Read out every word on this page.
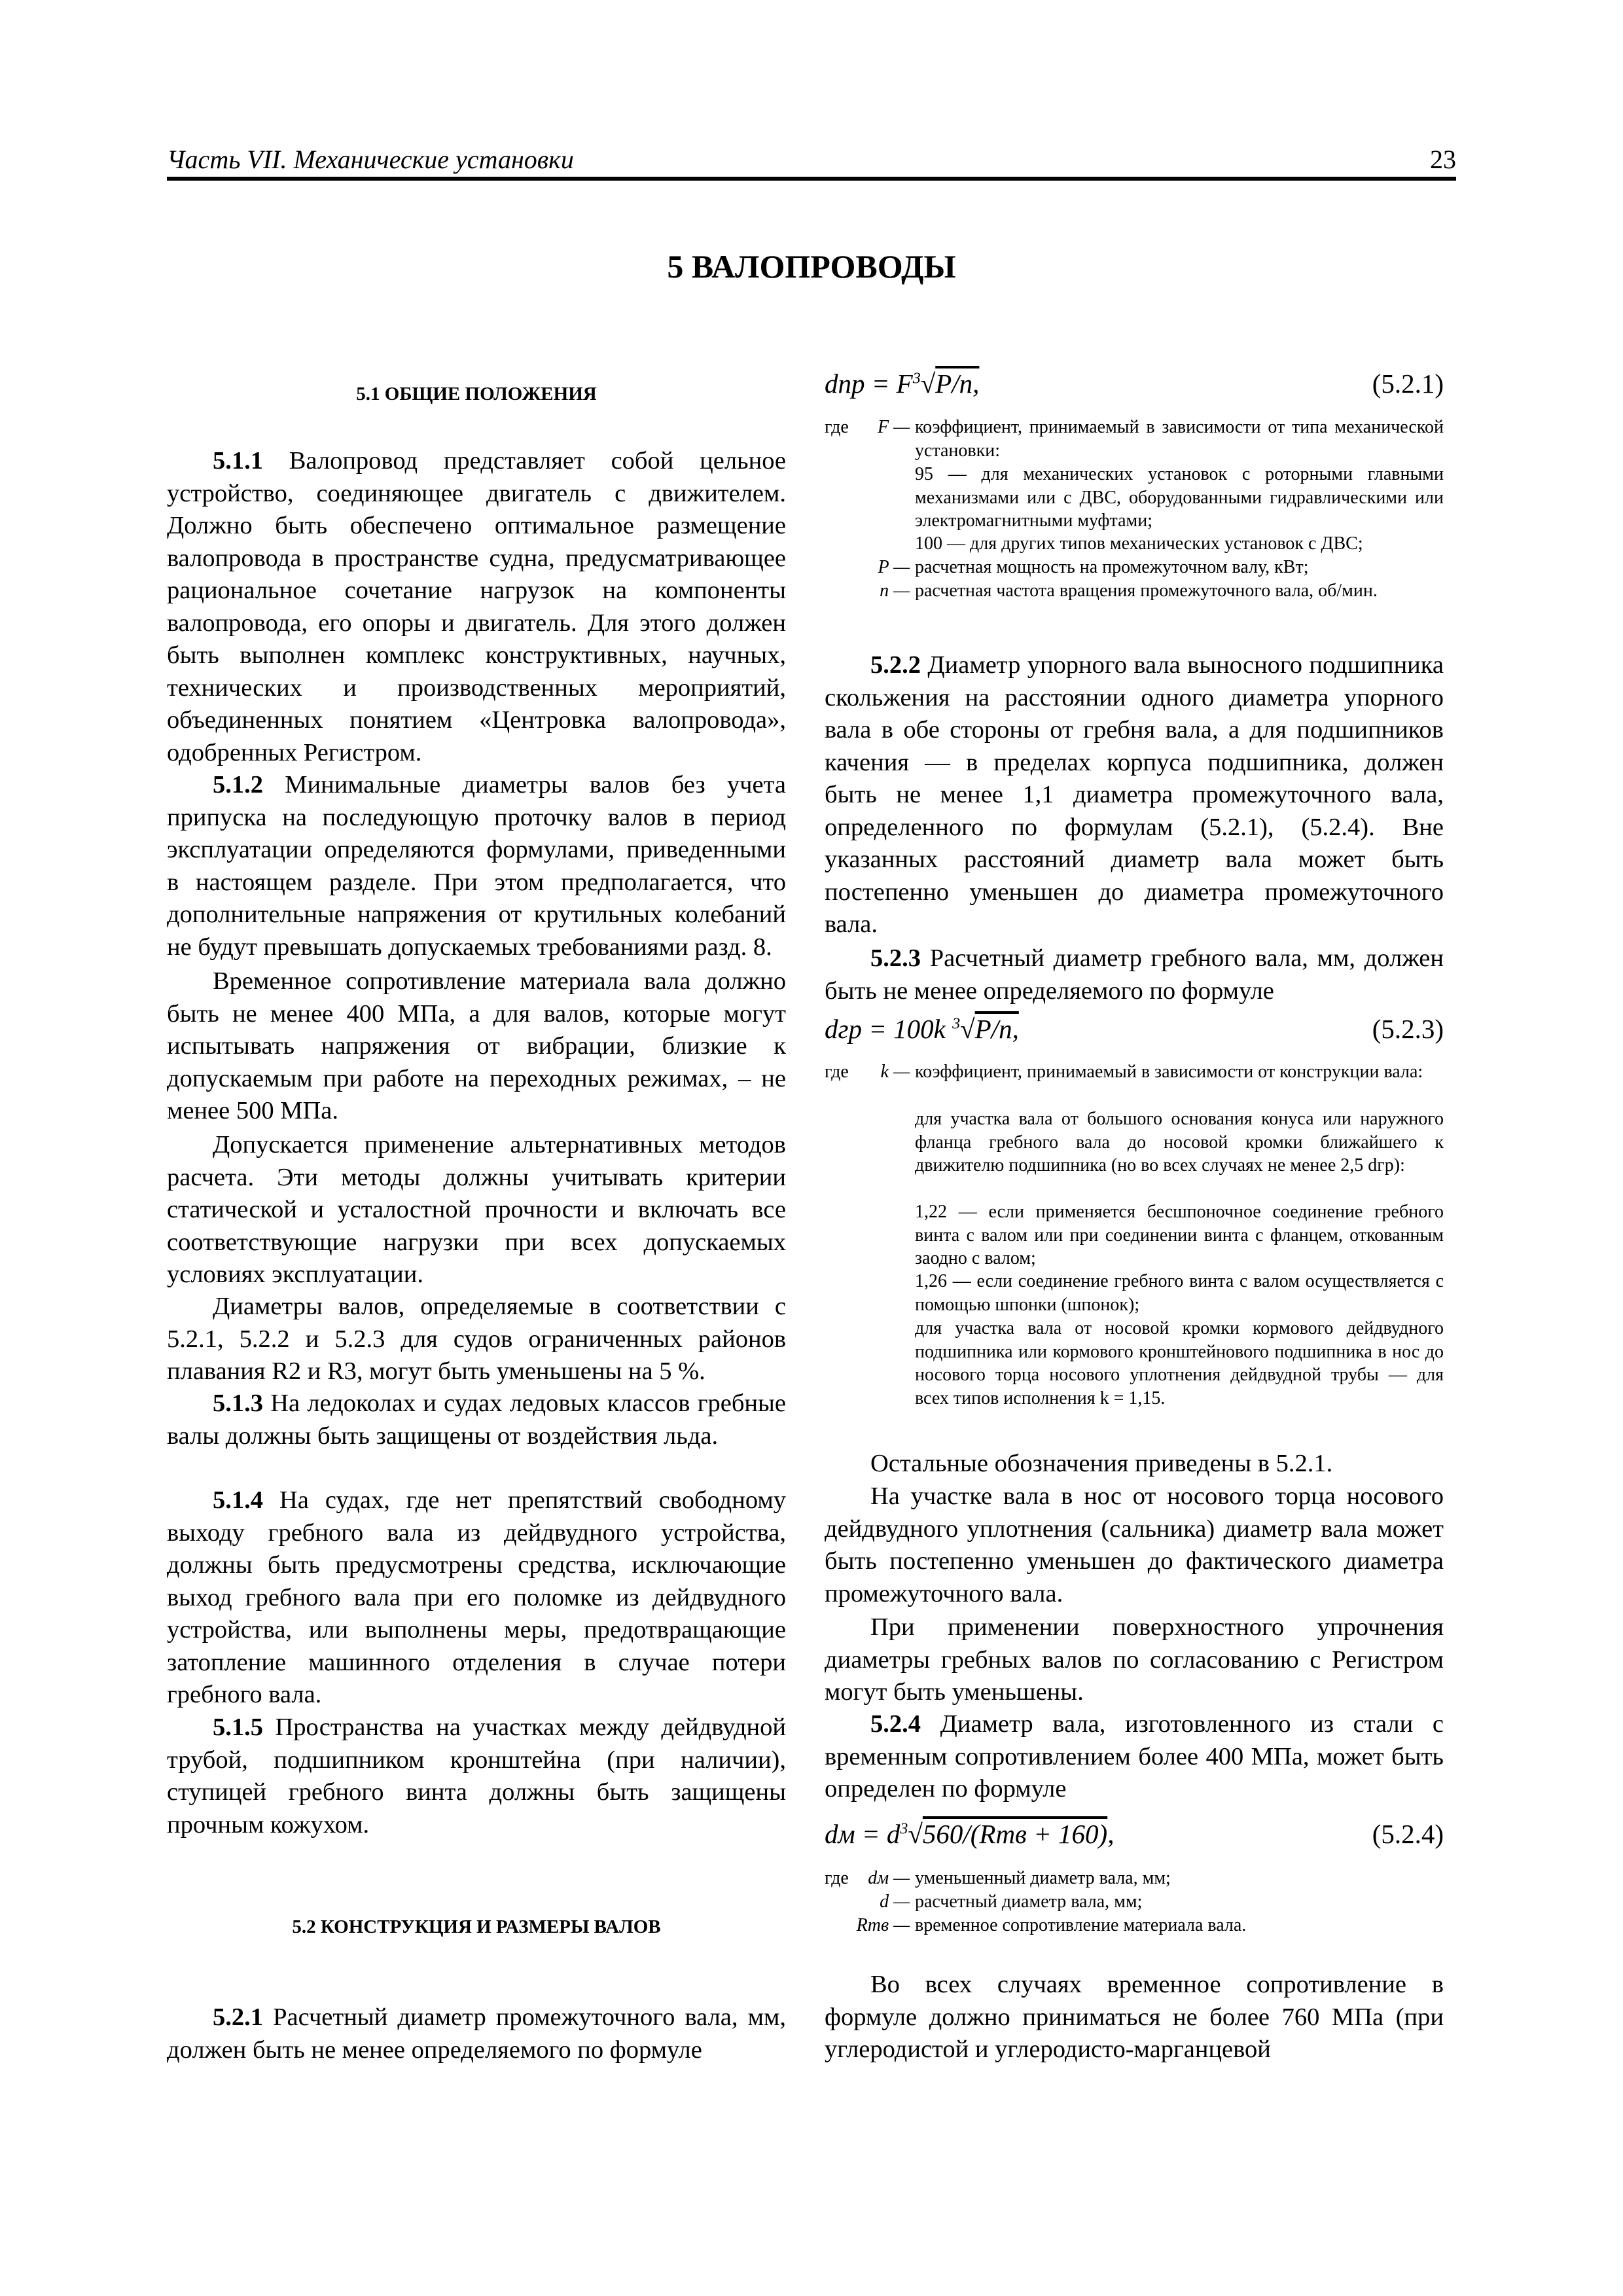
Часть VII. Механические установки	23
5 ВАЛОПРОВОДЫ
5.1 ОБЩИЕ ПОЛОЖЕНИЯ

5.1.1 Валопровод представляет собой цельное устройство, соединяющее двигатель с движителем. Должно быть обеспечено оптимальное размещение валопровода в пространстве судна, предусматривающее рациональное сочетание нагрузок на компоненты валопровода, его опоры и двигатель. Для этого должен быть выполнен комплекс конструктивных, научных, технических и производственных мероприятий, объединенных понятием «Центровка валопровода», одобренных Регистром.

5.1.2 Минимальные диаметры валов без учета припуска на последующую проточку валов в период эксплуатации определяются формулами, приведенными в настоящем разделе. При этом предполагается, что дополнительные напряжения от крутильных колебаний не будут превышать допускаемых требованиями разд. 8.

Временное сопротивление материала вала должно быть не менее 400 МПа, а для валов, которые могут испытывать напряжения от вибрации, близкие к допускаемым при работе на переходных режимах, – не менее 500 МПа.

Допускается применение альтернативных методов расчета. Эти методы должны учитывать критерии статической и усталостной прочности и включать все соответствующие нагрузки при всех допускаемых условиях эксплуатации.

Диаметры валов, определяемые в соответствии с 5.2.1, 5.2.2 и 5.2.3 для судов ограниченных районов плавания R2 и R3, могут быть уменьшены на 5 %.

5.1.3 На ледоколах и судах ледовых классов гребные валы должны быть защищены от воздействия льда.

5.1.4 На судах, где нет препятствий свободному выходу гребного вала из дейдвудного устройства, должны быть предусмотрены средства, исключающие выход гребного вала при его поломке из дейдвудного устройства, или выполнены меры, предотвращающие затопление машинного отделения в случае потери гребного вала.

5.1.5 Пространства на участках между дейдвудной трубой, подшипником кронштейна (при наличии), ступицей гребного винта должны быть защищены прочным кожухом.

5.2 КОНСТРУКЦИЯ И РАЗМЕРЫ ВАЛОВ

5.2.1 Расчетный диаметр промежуточного вала, мм, должен быть не менее определяемого по формуле

dпр = $F^3√P/n$,	(5.2.1)
где	F — коэффициент, принимаемый в зависимости от типа механической установки:
95 — для механических установок с роторными главными механизмами или с ДВС, оборудованными гидравлическими или электромагнитными муфтами;
100 — для других типов механических установок с ДВС;
P — расчетная мощность на промежуточном валу, кВт;
n — расчетная частота вращения промежуточного вала, об/мин.

5.2.2 Диаметр упорного вала выносного подшипника скольжения на расстоянии одного диаметра упорного вала в обе стороны от гребня вала, а для подшипников качения — в пределах корпуса подшипника, должен быть не менее 1,1 диаметра промежуточного вала, определенного по формулам (5.2.1), (5.2.4). Вне указанных расстояний диаметр вала может быть постепенно уменьшен до диаметра промежуточного вала.

5.2.3 Расчетный диаметр гребного вала, мм, должен быть не менее определяемого по формуле

dгр = 100k $^3$√P/n,	(5.2.3)
где	k — коэффициент, принимаемый в зависимости от конструкции вала:
для участка вала от большого основания конуса или наружного фланца гребного вала до носовой кромки ближайшего к движителю подшипника (но во всех случаях не менее 2,5 dгр):
1,22 — если применяется бесшпоночное соединение гребного винта с валом или при соединении винта с фланцем, откованным заодно с валом;
1,26 — если соединение гребного винта с валом осуществляется с помощью шпонки (шпонок);
для участка вала от носовой кромки кормового дейдвудного подшипника или кормового кронштейнового подшипника в нос до носового торца носового уплотнения дейдвудной трубы — для всех типов исполнения k = 1,15.

Остальные обозначения приведены в 5.2.1.

На участке вала в нос от носового торца носового дейдвудного уплотнения (сальника) диаметр вала может быть постепенно уменьшен до фактического диаметра промежуточного вала.

При применении поверхностного упрочнения диаметры гребных валов по согласованию с Регистром могут быть уменьшены.

5.2.4 Диаметр вала, изготовленного из стали с временным сопротивлением более 400 МПа, может быть определен по формуле

dм = $d^3√560/(Rmв + 160)$,	(5.2.4)
где	dм — уменьшенный диаметр вала, мм;
d — расчетный диаметр вала, мм;
Rmв — временное сопротивление материала вала.

Во всех случаях временное сопротивление в формуле должно приниматься не более 760 МПа (при углеродистой и углеродисто-марганцевой
